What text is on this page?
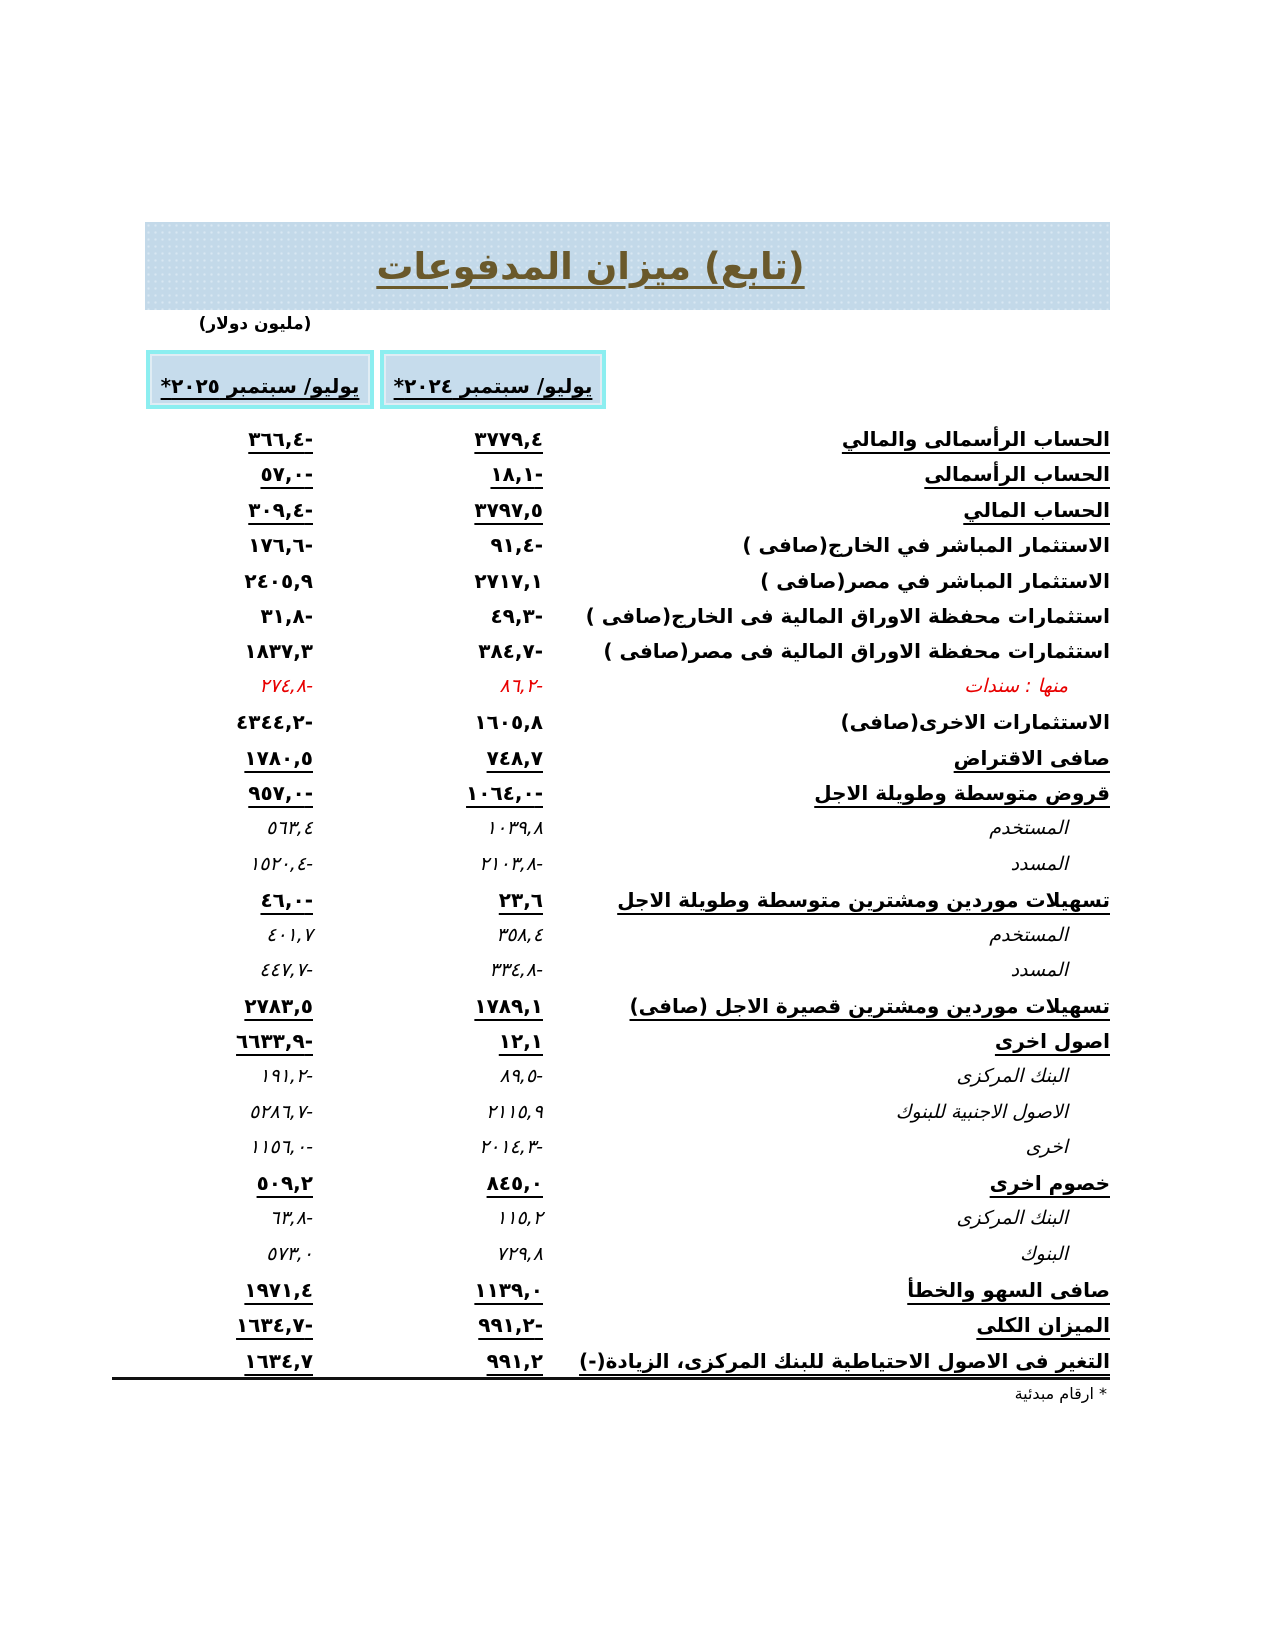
(تابع) ميزان المدفوعات
(مليون دولار)
يوليو/ سبتمبر ٢٠٢٥* يوليو/ سبتمبر ٢٠٢٤*
٣٦٦,٤-	٣٧٧٩,٤	الحساب الرأسمالى والمالي
٥٧,٠-	١٨,١-	الحساب الرأسمالى
٣٠٩,٤-	٣٧٩٧,٥	الحساب المالي
١٧٦,٦-	٩١,٤-	الاستثمار المباشر في الخارج(صافى )
٢٤٠٥,٩	٢٧١٧,١	الاستثمار المباشر في مصر(صافى )
٣١,٨-	٤٩,٣-	استثمارات محفظة الاوراق المالية فى الخارج(صافى )
١٨٣٧,٣	٣٨٤,٧-	استثمارات محفظة الاوراق المالية فى مصر(صافى )
٢٧٤,٨-	٨٦,٢-	منها : سندات
٤٣٤٤,٢-	١٦٠٥,٨	الاستثمارات الاخرى(صافى)
١٧٨٠,٥	٧٤٨,٧	صافى الاقتراض
٩٥٧,٠-	١٠٦٤,٠-	قروض متوسطة وطويلة الاجل
٥٦٣,٤	١٠٣٩,٨	المستخدم
١٥٢٠,٤-	٢١٠٣,٨-	المسدد
٤٦,٠-	٢٣,٦	تسهيلات موردين ومشترين متوسطة وطويلة الاجل
٤٠١,٧	٣٥٨,٤	المستخدم
٤٤٧,٧-	٣٣٤,٨-	المسدد
٢٧٨٣,٥	١٧٨٩,١	تسهيلات موردين ومشترين قصيرة الاجل (صافى)
٦٦٣٣,٩-	١٢,١	اصول اخرى
١٩١,٢-	٨٩,٥-	البنك المركزى
٥٢٨٦,٧-	٢١١٥,٩	الاصول الاجنبية للبنوك
١١٥٦,٠-	٢٠١٤,٣-	اخرى
٥٠٩,٢	٨٤٥,٠	خصوم اخرى
٦٣,٨-	١١٥,٢	البنك المركزى
٥٧٣,٠	٧٢٩,٨	البنوك
١٩٧١,٤	١١٣٩,٠	صافى السهو والخطأ
١٦٣٤,٧-	٩٩١,٢-	الميزان الكلى
١٦٣٤,٧	٩٩١,٢	التغير فى الاصول الاحتياطية للبنك المركزى، الزيادة(-)
* ارقام مبدئية
